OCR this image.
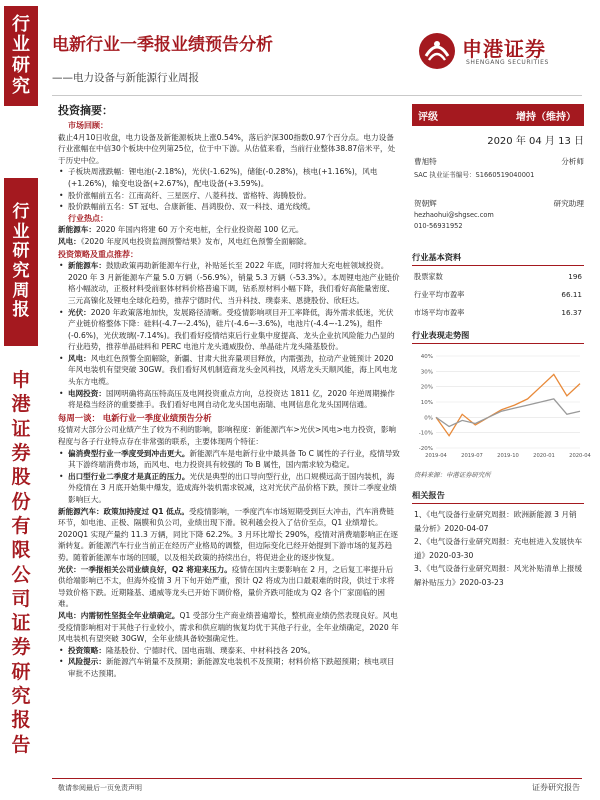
行
业
研
究
行
业
研
究
周
报
申
港
证
券
股
份
有
限
公
司
证
券
研
究
报
告
电新行业一季报业绩预告分析
——电力设备与新能源行业周报
申港证券
SHENGANG SECURITIES
投资摘要：
市场回顾：

截止4月10日收盘，电力设备及新能源板块上涨0.54%，落后沪深300指数0.97个百分点。电力设备行业涨幅在中信30个板块中位列第25位，位于中下游。从估值来看，当前行业整体38.87倍米平，处于历史中位。

• 子板块周涨跌幅：锂电池(-2.18%)，光伏(-1.62%)，储能(-0.28%)，核电(+1.16%)，风电(+1.26%)，输变电设备(+2.67%)，配电设备(+3.59%)。

• 股价涨幅前五名：江南高纤、三星医疗、八菱科技、雷格特、海腾股份。

• 股价跌幅前五名：ST 冠电、合康新能、昌鸿股份、双一科技、通光线缆。

行业热点：

新能源车：2020 年国内将建 60 万个充电桩，全行业投资超 100 亿元。

风电：《2020 年度风电投资监测预警结果》发布，风电红色预警全面解除。

投资策略及重点推荐：

• 新能源车：鼓励政策再助新能源车行业，补贴延长至 2022 年底，同时将加大充电桩领域投资。2020 年 3 月新能源车产量 5.0 万辆（-56.9%），销量 5.3 万辆（-53.3%）。本周锂电池产业链价格小幅波动，正极材料受前驱体材料价格普遍下调，钴系原材料小幅下降，我们看好高能量密度、三元高镍化及锂电全球化趋势，推荐宁德时代、当升科技、璞泰来、恩捷股份、欣旺达。

• 光伏：2020 年政策落地加快，发展路径清晰。受疫情影响项目开工率降低，海外需求低迷，光伏产业链价格整体下降：硅料(-4.7~-2.4%)，硅片(-4.6~-3.6%)，电池片(-4.4~-1.2%)，组件(-0.6%)，光伏玻璃(-7.14%)。我们看好疫情结束后行业集中度提高、龙头企业抗风险能力凸显的行业趋势，推荐单晶硅料和 PERC 电池片龙头通威股份、单晶硅片龙头隆基股份。

• 风电：风电红色预警全面解除，新疆、甘肃大批弃量项目释放，内需强劲，拉动产业链预计 2020 年风电装机有望突破 30GW。我们看好风机制造商龙头金风科技，风塔龙头天顺风能，海上风电龙头东方电缆。

• 电网投资：国网明确将高压特高压及电网投资重点方向，总投资达 1811 亿，2020 年逆周期操作将是稳当经济的重要推手。我们看好电网自动化龙头国电南瑞、电网信息化龙头国网信通。

每周一谈： 电新行业一季度业绩预告分析

疫情对大部分公司业绩产生了较为不利的影响，影响程度：新能源汽车>光伏>风电>电力投资，影响程度与各子行业特点存在非常强的联系，主要体现两个特征：

• 偏消费型行业一季度受到冲击更大。新能源汽车是电新行业中最具备 To C 属性的子行业，疫情导致其下游终端消费市场，而风电、电力投资具有较强的 To B 属性，国内需求较为稳定。

• 出口型行业二季度才是真正的压力。光伏是典型的出口导向型行业，出口规模远高于国内装机，海外疫情在 3 月底开始集中爆发，造成海外装机需求锐减，这对光伏产品价格下跌，预计二季度业绩影响巨大。

新能源汽车：政策加持度过 Q1 低点。受疫情影响，一季度汽车市场短期受到巨大冲击，汽车消费链环节，如电池、正极、隔膜和负公司，业绩出现下滑。锐利越会投入了估价至点，Q1 业绩增长。2020Q1 实现产量约 11.3 万辆，同比下降 62.2%。3 月环比增长 290%，疫情对消费端影响正在逐渐转复。新能源汽车行业当前正在经历产业格局的调整，但边际变化已经开始提到下游市场的复苏趋势。随着新能源车市场的回暖，以及相关政策的持续出台，将促进企业的逐步恢复。

光伏：一季报相关公司业绩良好，Q2 将迎来压力。疫情在国内主要影响在 2 月，之后复工率提升后供给端影响已不太，但海外疫情 3 月下旬开始严重，预计 Q2 将成为出口最艰难的时段，供过于求将导致价格下跌。近期隆基、通威等龙头已开始下调价格，量价齐跌可能成为 Q2 各个厂家面临的困难。

风电：内需韧性坚挺全年业绩确定。Q1 受部分生产商业绩普遍增长，整机商业绩仍然表现良好。风电受疫情影响相对于其他子行业较小，需求和供应端的恢复均优于其他子行业，全年业绩确定，2020 年风电装机有望突破 30GW，全年业绩具备较强确定性。

• 投资策略：隆基股份、宁德时代、国电南瑞、璞泰来、中材科技各 20%。

• 风险提示：新能源汽车销量不及预期；新能源发电装机不及预期；材料价格下跌超预期；核电项目审批不达预期。

评级	增持（维持）
2020 年 04 月 13 日
曹旭特	分析师
SAC 执业证书编号：S1660519040001
贺朝辉	研究助理
hezhaohui@shgsec.com
010-56931952
行业基本资料
股票家数	196
行业平均市盈率	66.11
市场平均市盈率	16.37
行业表现走势图
40%
30%
20%
10%
0%
-10%
-20%
2019-04	2019-07	2019-10	2020-01	2020-04
资料来源：申港证券研究所
相关报告

1、《电气设备行业研究周报：欧洲新能源 3 月销量分析》2020-04-07

2、《电气设备行业研究周报：充电桩进入发展快车道》2020-03-30

3、《电气设备行业研究周报：风光补贴清单上报缓解补贴压力》2020-03-23

敬请参阅最后一页免责声明	证券研究报告
